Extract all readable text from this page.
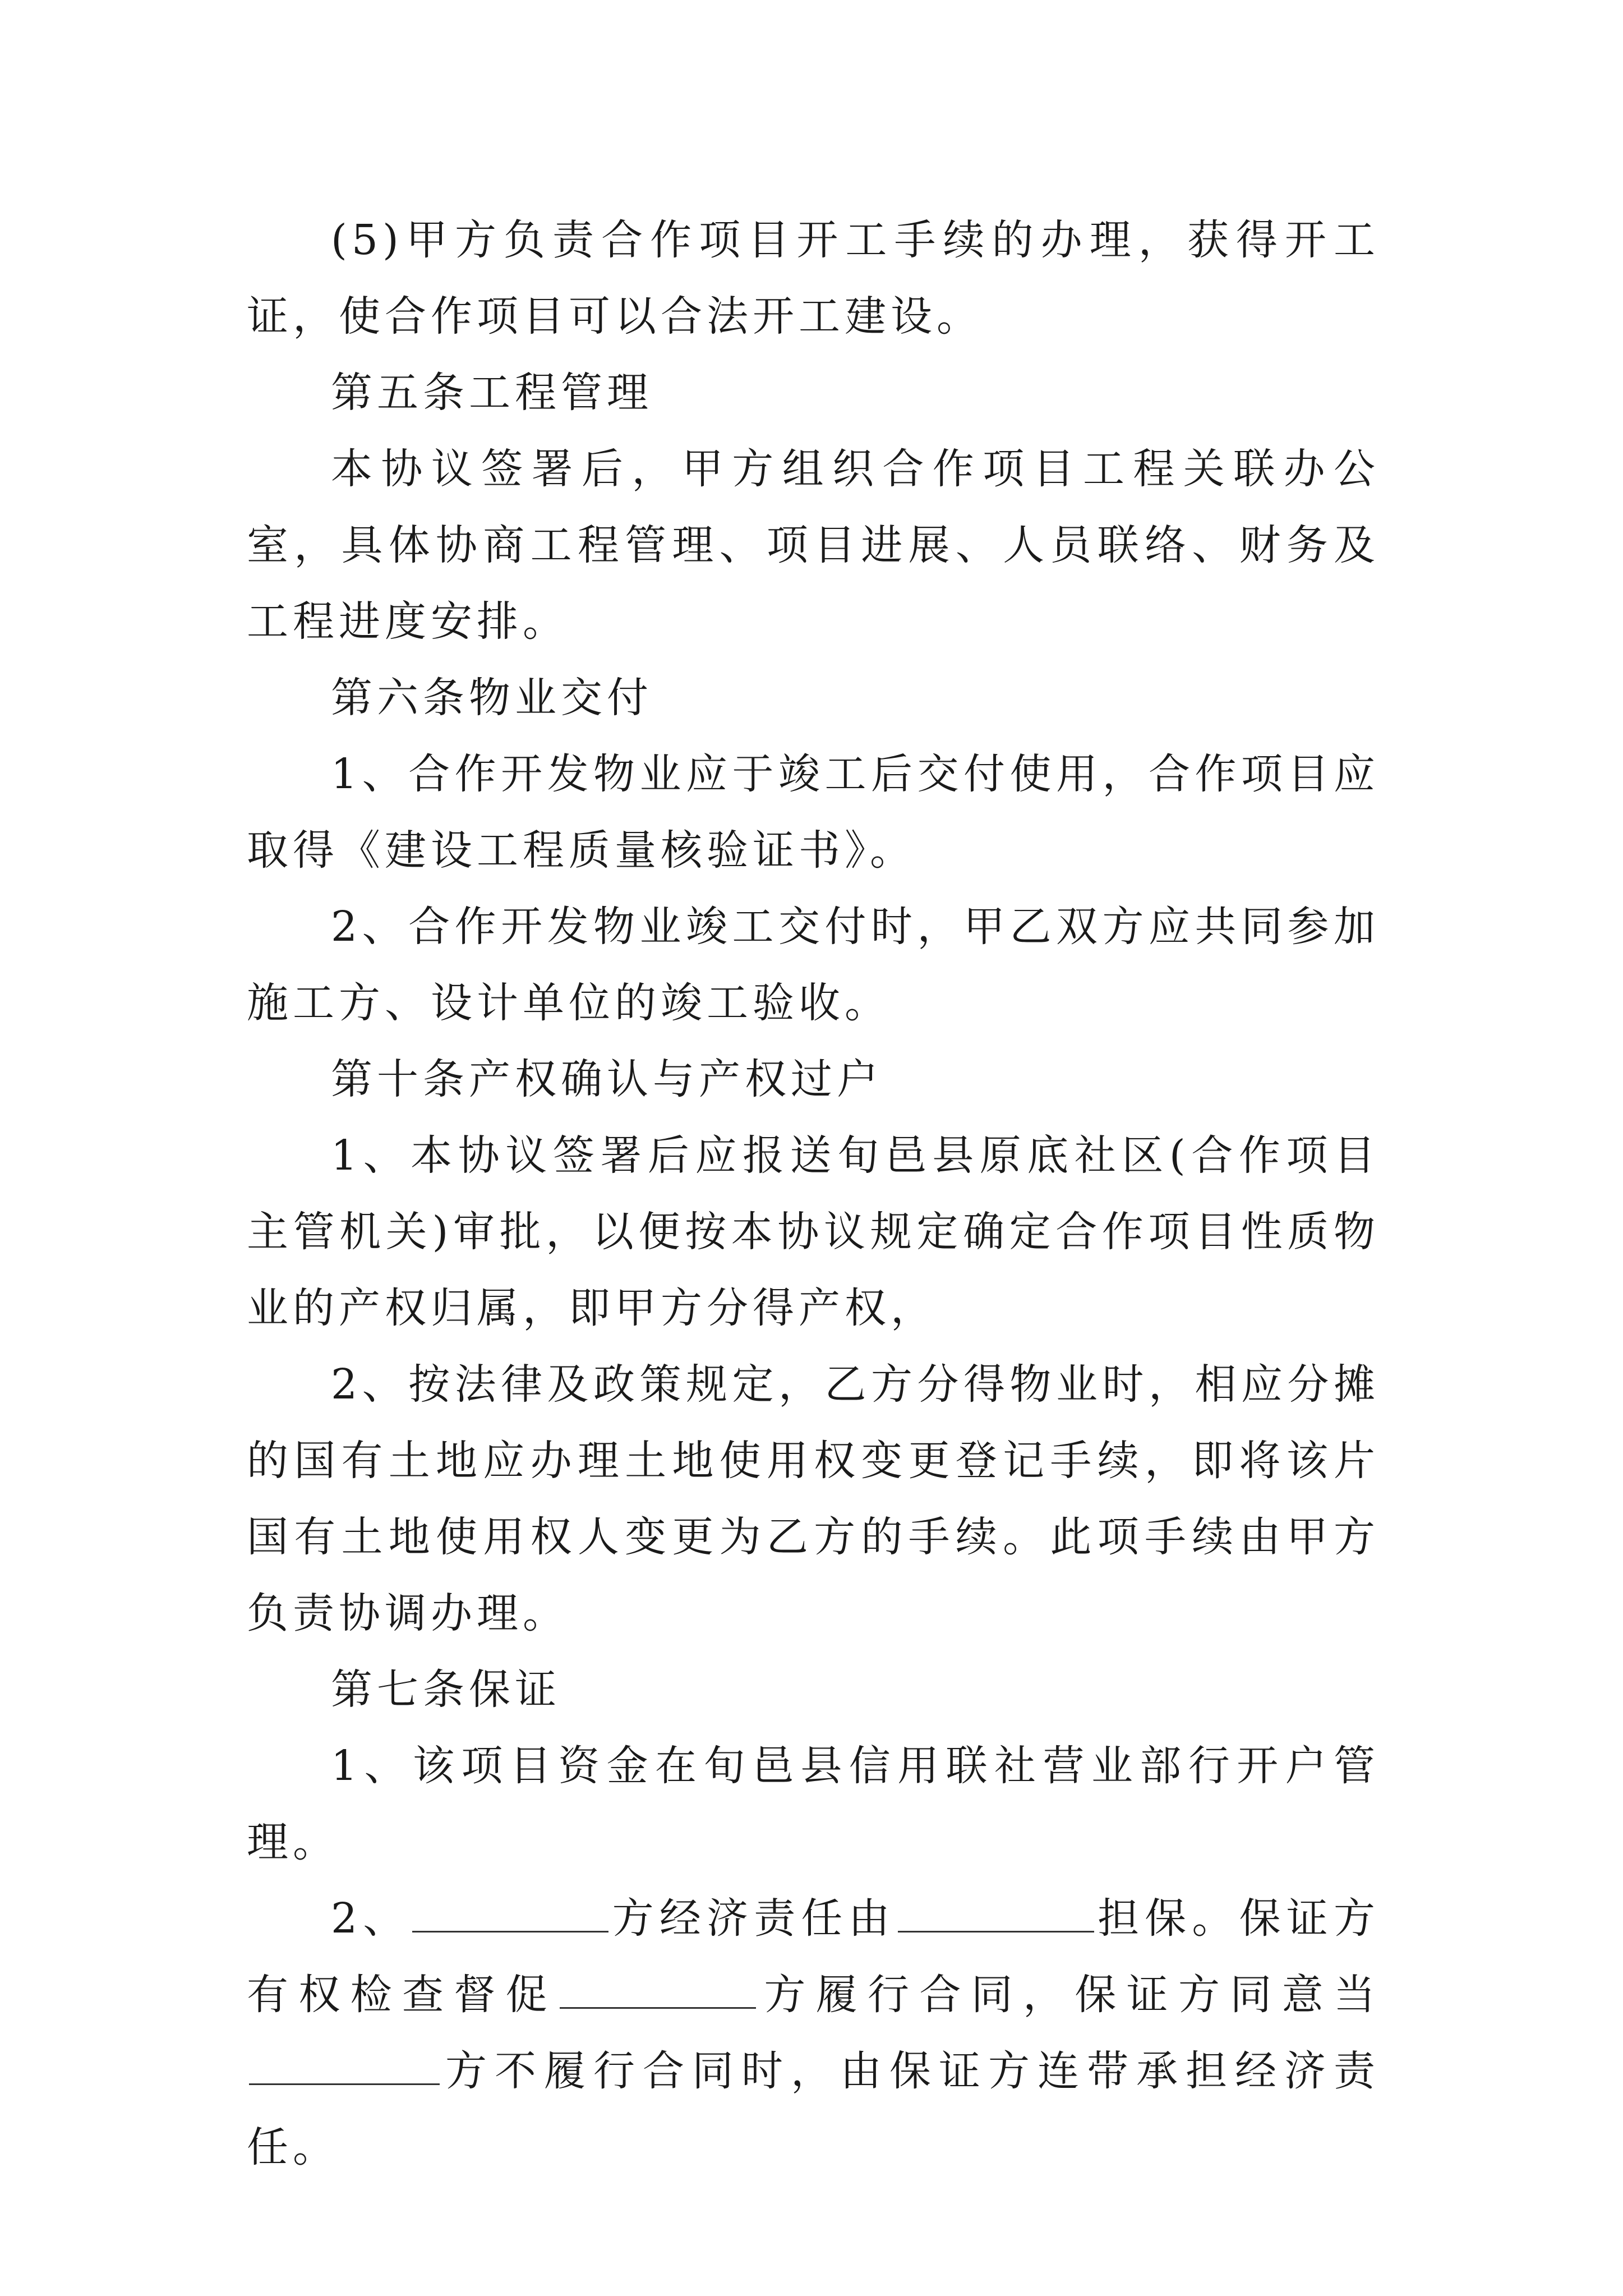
(5)甲方负责合作项目开工手续的办理，获得开工证，使合作项目可以合法开工建设。

第五条工程管理

本协议签署后，甲方组织合作项目工程关联办公室，具体协商工程管理、项目进展、人员联络、财务及工程进度安排。

第六条物业交付

1、合作开发物业应于竣工后交付使用，合作项目应取得《建设工程质量核验证书》。

2、合作开发物业竣工交付时，甲乙双方应共同参加施工方、设计单位的竣工验收。

第十条产权确认与产权过户

1、本协议签署后应报送旬邑县原底社区(合作项目主管机关)审批，以便按本协议规定确定合作项目性质物业的产权归属，即甲方分得产权，

2、按法律及政策规定，乙方分得物业时，相应分摊的国有土地应办理土地使用权变更登记手续，即将该片国有土地使用权人变更为乙方的手续。此项手续由甲方负责协调办理。

第七条保证

1、该项目资金在旬邑县信用联社营业部行开户管理。

2、	方经济责任由	担保。保证方有权检查督促	方履行合同，保证方同意当方不履行合同时，由保证方连带承担经济责任。
